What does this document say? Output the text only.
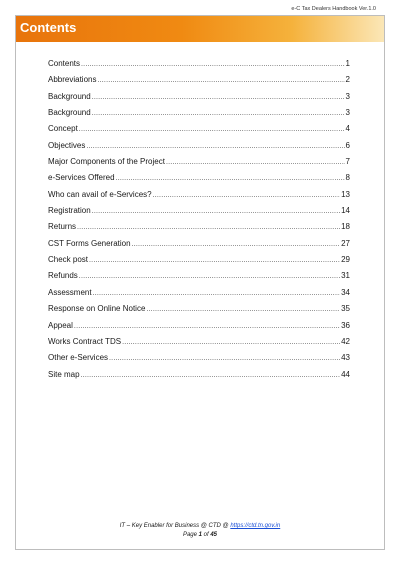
e-C Tax Dealers Handbook Ver.1.0
Contents
Contents .....	1
Abbreviations .....	2
Background .....	3
Background .....	3
Concept .....	4
Objectives .....	6
Major Components of the Project .....	7
e-Services Offered .....	8
Who can avail of e-Services? .....	13
Registration .....	14
Returns .....	18
CST Forms Generation .....	27
Check post .....	29
Refunds .....	31
Assessment .....	34
Response on Online Notice .....	35
Appeal .....	36
Works Contract TDS .....	42
Other e-Services .....	43
Site map .....	44
IT – Key Enabler for Business @ CTD @ https://ctd.tn.gov.in
Page 1 of 45
